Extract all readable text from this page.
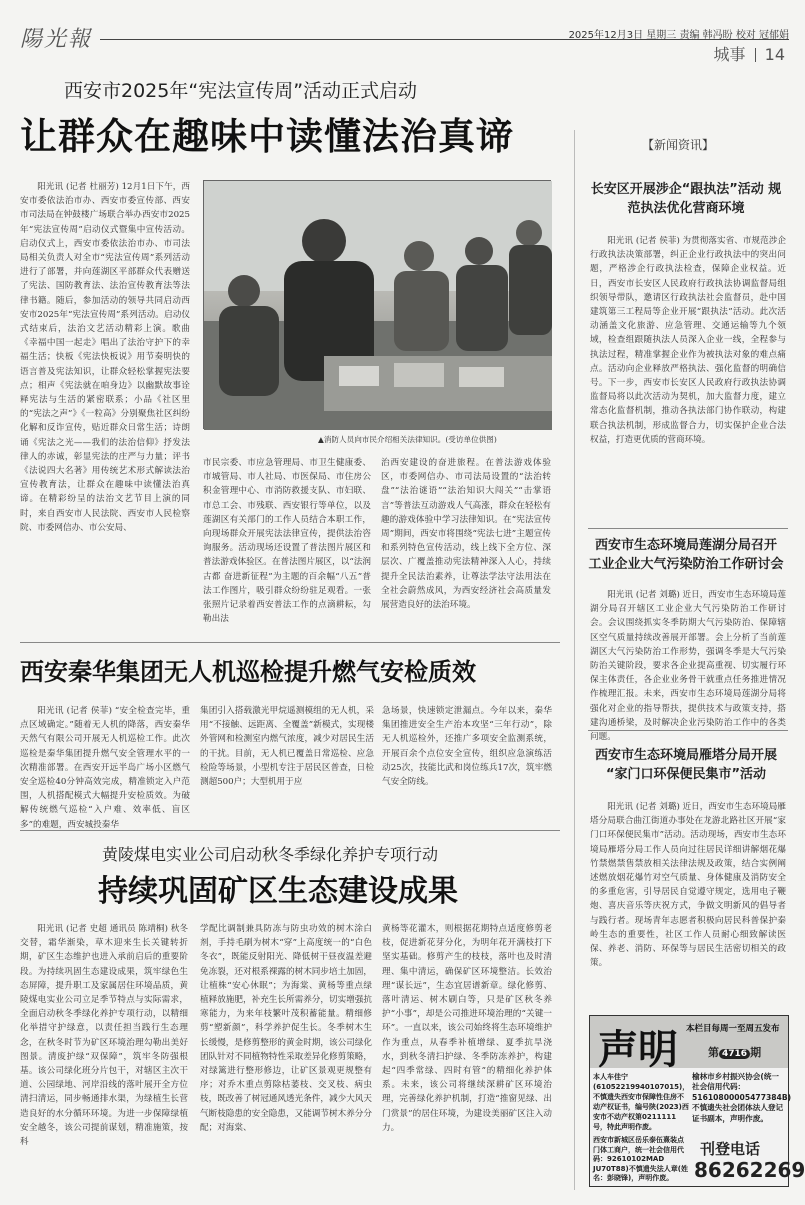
陽光報	2025年12月3日 星期三 责编 韩冯盼 校对 冠郁娟
城事 14
西安市2025年“宪法宣传周”活动正式启动
让群众在趣味中读懂法治真谛
阳光讯 (记者 杜丽芳) 12月1日下午，西安市委依法治市办、西安市委宣传部、西安市司法局在钟鼓楼广场联合举办西安市2025年“宪法宣传周”启动仪式暨集中宣传活动。启动仪式上，西安市委依法治市办、市司法局相关负责人对全市“宪法宣传周”系列活动进行了部署，并向莲湖区平部群众代表赠送了宪法、国防教育法、法治宣传教育法等法律书籍。随后，参加活动的领导共同启动西安市2025年“宪法宣传周”系列活动。启动仪式结束后，法治文艺活动精彩上演。歌曲《幸福中国一起走》唱出了法治守护下的幸福生活；快板《宪法快板说》用节奏明快的语言普及宪法知识，让群众轻松掌握宪法要点；相声《宪法就在咱身边》以幽默故事诠释宪法与生活的紧密联系；小品《社区里的“宪法之声”》《一粒高》分别聚焦社区纠纷化解和反诈宣传，贴近群众日常生活；诗朗诵《宪法之光——我们的法治信仰》抒发法律人的赤诚，彰显宪法的庄严与力量；评书《法说四大名著》用传统艺术形式解读法治宣传教育法，让群众在趣味中读懂法治真谛。在精彩纷呈的法治文艺节目上演的同时，来自西安市人民法院、西安市人民检察院、市委网信办、市公安局、
▲消防人员向市民介绍相关法律知识。(受访单位供图)
市民宗委、市应急管理局、市卫生健康委、市城管局、市人社局、市医保局、市住房公积金管理中心、市消防救援支队、市妇联、市总工会、市残联、西安银行等单位，以及莲湖区有关部门的工作人员结合本职工作，向现场群众开展宪法法律宣传，提供法治咨询服务。活动现场还设置了普法图片展区和普法游戏体验区。在普法图片展区，以“法润古都 奋进新征程”为主题的百余幅“八五”普法工作图片，吸引群众纷纷驻足观看。一张张照片记录着西安普法工作的点滴耕耘，勾勒出法
治西安建设的奋进旅程。在普法游戏体验区，市委网信办、市司法局设置的“法治转盘”“法治谜语”“法治知识大闯关”“击掌语言”等普法互动游戏人气高涨，群众在轻松有趣的游戏体验中学习法律知识。在“宪法宣传周”期间，西安市将围绕“宪法七进”主题宣传和系列特色宣传活动，线上线下全方位、深层次、广覆盖推动宪法精神深入人心，持续提升全民法治素养，让尊法学法守法用法在全社会蔚然成风，为西安经济社会高质量发展营造良好的法治环境。
【新闻资讯】
长安区开展涉企“跟执法”活动 规范执法优化营商环境
阳光讯 (记者 侯菲) 为贯彻落实省、市规范涉企行政执法决策部署，纠正企业行政执法中的突出问题，严格涉企行政执法检查，保障企业权益。近日，西安市长安区人民政府行政执法协调监督局组织领导带队，邀请区行政执法社会监督员，赴中国建筑第三工程局等企业开展“跟执法”活动。此次活动涵盖文化旅游、应急管理、交通运输等九个领域，检查组跟随执法人员深入企业一线，全程参与执法过程，精准掌握企业作为被执法对象的难点痛点。活动向企业释放严格执法、强化监督的明确信号。下一步，西安市长安区人民政府行政执法协调监督局将以此次活动为契机，加大监督力度，建立常态化监督机制，推动各执法部门协作联动，构建联合执法机制，形成监督合力，切实保护企业合法权益，打造更优质的营商环境。
西安市生态环境局莲湖分局召开 工业企业大气污染防治工作研讨会
阳光讯 (记者 刘璐) 近日，西安市生态环境局莲湖分局召开辖区工业企业大气污染防治工作研讨会。会议围绕抓实冬季防期大气污染防治、保障辖区空气质量持续改善展开部署。会上分析了当前莲湖区大气污染防治工作形势，强调冬季是大气污染防治关键阶段，要求各企业提高重视、切实履行环保主体责任，各企业业务骨干就重点任务推进情况作梳理汇报。未来，西安市生态环境局莲湖分局将强化对企业的指导帮扶，提供技术与政策支持，搭建沟通桥梁，及时解决企业污染防治工作中的各类问题。
西安市生态环境局雁塔分局开展 “家门口环保便民集市”活动
阳光讯 (记者 刘璐) 近日，西安市生态环境局雁塔分局联合曲江街道办事处在龙游北路社区开展“家门口环保便民集市”活动。活动现场，西安市生态环境局雁塔分局工作人员向过往居民详细讲解烟花爆竹禁燃禁售禁放相关法律法规及政策，结合实例阐述燃放烟花爆竹对空气质量、身体健康及消防安全的多重危害，引导居民自觉遵守规定，选用电子鞭炮、喜庆音乐等庆祝方式，争做文明新风的倡导者与践行者。现场青年志愿者积极向居民科普保护秦岭生态的重要性，社区工作人员耐心细致解读医保、养老、消防、环保等与居民生活密切相关的政策。
西安秦华集团无人机巡检提升燃气安检质效
阳光讯 (记者 侯菲) “安全检查完毕，重点区域确定。”随着无人机的降落，西安秦华天然气有限公司开展无人机巡检工作。此次巡检是秦华集团提升燃气安全管理水平的一次精准部署。在西安开远半岛广场小区燃气安全巡检40分钟高效完成，精准锁定入户范围，人机搭配模式大幅提升安检质效。为破解传统燃气巡检“入户难、效率低、盲区多”的难题，西安城投秦华
集团引入搭载激光甲烷遥测模组的无人机，采用“不接触、远距离、全覆盖”新模式，实现楼外管网和检测室内燃气浓度，减少对居民生活的干扰。目前，无人机已覆盖日常巡检、应急检险等场景，小型机专注于居民区普查，日检测超500户；大型机用于应
急场景，快速锁定泄漏点。今年以来，秦华集团推进安全生产治本攻坚“三年行动”，除无人机巡检外，还推广多项安全监测系统，开展百余个点位安全宣传，组织应急演练活动25次，技能比武和岗位练兵17次，筑牢燃气安全防线。
黄陵煤电实业公司启动秋冬季绿化养护专项行动
持续巩固矿区生态建设成果
阳光讯 (记者 史超 通讯员 陈靖桐) 秋冬交替，霜华渐染，草木迎来生长关键转折期，矿区生态维护也进入承前启后的重要阶段。为持续巩固生态建设成果，筑牢绿色生态屏障，提升职工及家属居住环境品质，黄陵煤电实业公司立足季节特点与实际需求，全面启动秋冬季绿化养护专项行动，以精细化举措守护绿意，以责任担当践行生态理念，在秋冬时节为矿区环境治理勾勒出美好图景。清废护绿“双保障”，筑牢冬防强根基。该公司绿化班分片包干，对辖区主次干道、公园绿地、河岸沿线的落叶展开全方位清扫清运，同步畅通排水渠，为绿植生长营造良好的水分循环环境。为进一步保障绿植安全越冬，该公司提前谋划，精准施策，按科
学配比调制兼具防冻与防虫功效的树木涂白剂，手持毛刷为树木“穿”上高度统一的“白色冬衣”，既能反射阳光、降低树干昼夜温差避免冻裂，还对根系裸露的树木同步培土加固，让植株“安心休眠”；为海棠、黄杨等重点绿植释放施肥，补充生长所需养分，切实增强抗寒能力，为来年枝繁叶茂积蓄能量。精细修剪“塑新颜”，科学养护促生长。冬季树木生长缓慢，是修剪整形的黄金时期，该公司绿化团队针对不同植物特性采取差异化修剪策略，对绿篱进行整形修边，让矿区景观更规整有序；对乔木重点剪除枯萎枝、交叉枝、病虫枝，既改善了树冠通风透光条件，减少大风天气断枝隐患的安全隐患，又能调节树木养分分配；对海棠、
黄杨等花灌木，则根据花期特点适度修剪老枝，促进新花芽分化，为明年花开满枝打下坚实基础。修剪产生的枝枝，落叶也及时清理、集中清运，确保矿区环境整洁。长效治理“谋长远”，生态宜居谱新章。绿化修剪、落叶清运、树木刷白等，只是矿区秋冬养护“小事”，却是公司推进环境治理的“关键一环”。一直以来，该公司始终将生态环境维护作为重点，从春季补植增绿、夏季抗旱浇水，到秋冬清扫护绿、冬季防冻养护，构建起“四季常绿、四时有管”的精细化养护体系。未来，该公司将继续深耕矿区环境治理，完善绿化养护机制，打造“推窗见绿、出门赏景”的居住环境，为建设美丽矿区注入动力。
声明 本栏目每周一至周五发布
第 4716 期
本人车佳宁 (61052219940107015)，不慎遗失西安市保障性住房不动产权证书，编号陕(2023)西安市不动产权第0211111号，特此声明作废。
榆林市乡村振兴协会(统一社会信用代码：51610800005477384B)不慎遗失社会团体法人登记证书副本，声明作废。
西安市新城区岳乐泰伍熹装点门体工商户，统一社会信用代码：92610102MAD JU70T88)不慎遗失法人章(姓名：彭晓锋)，声明作废。
刊登电话
86262269
